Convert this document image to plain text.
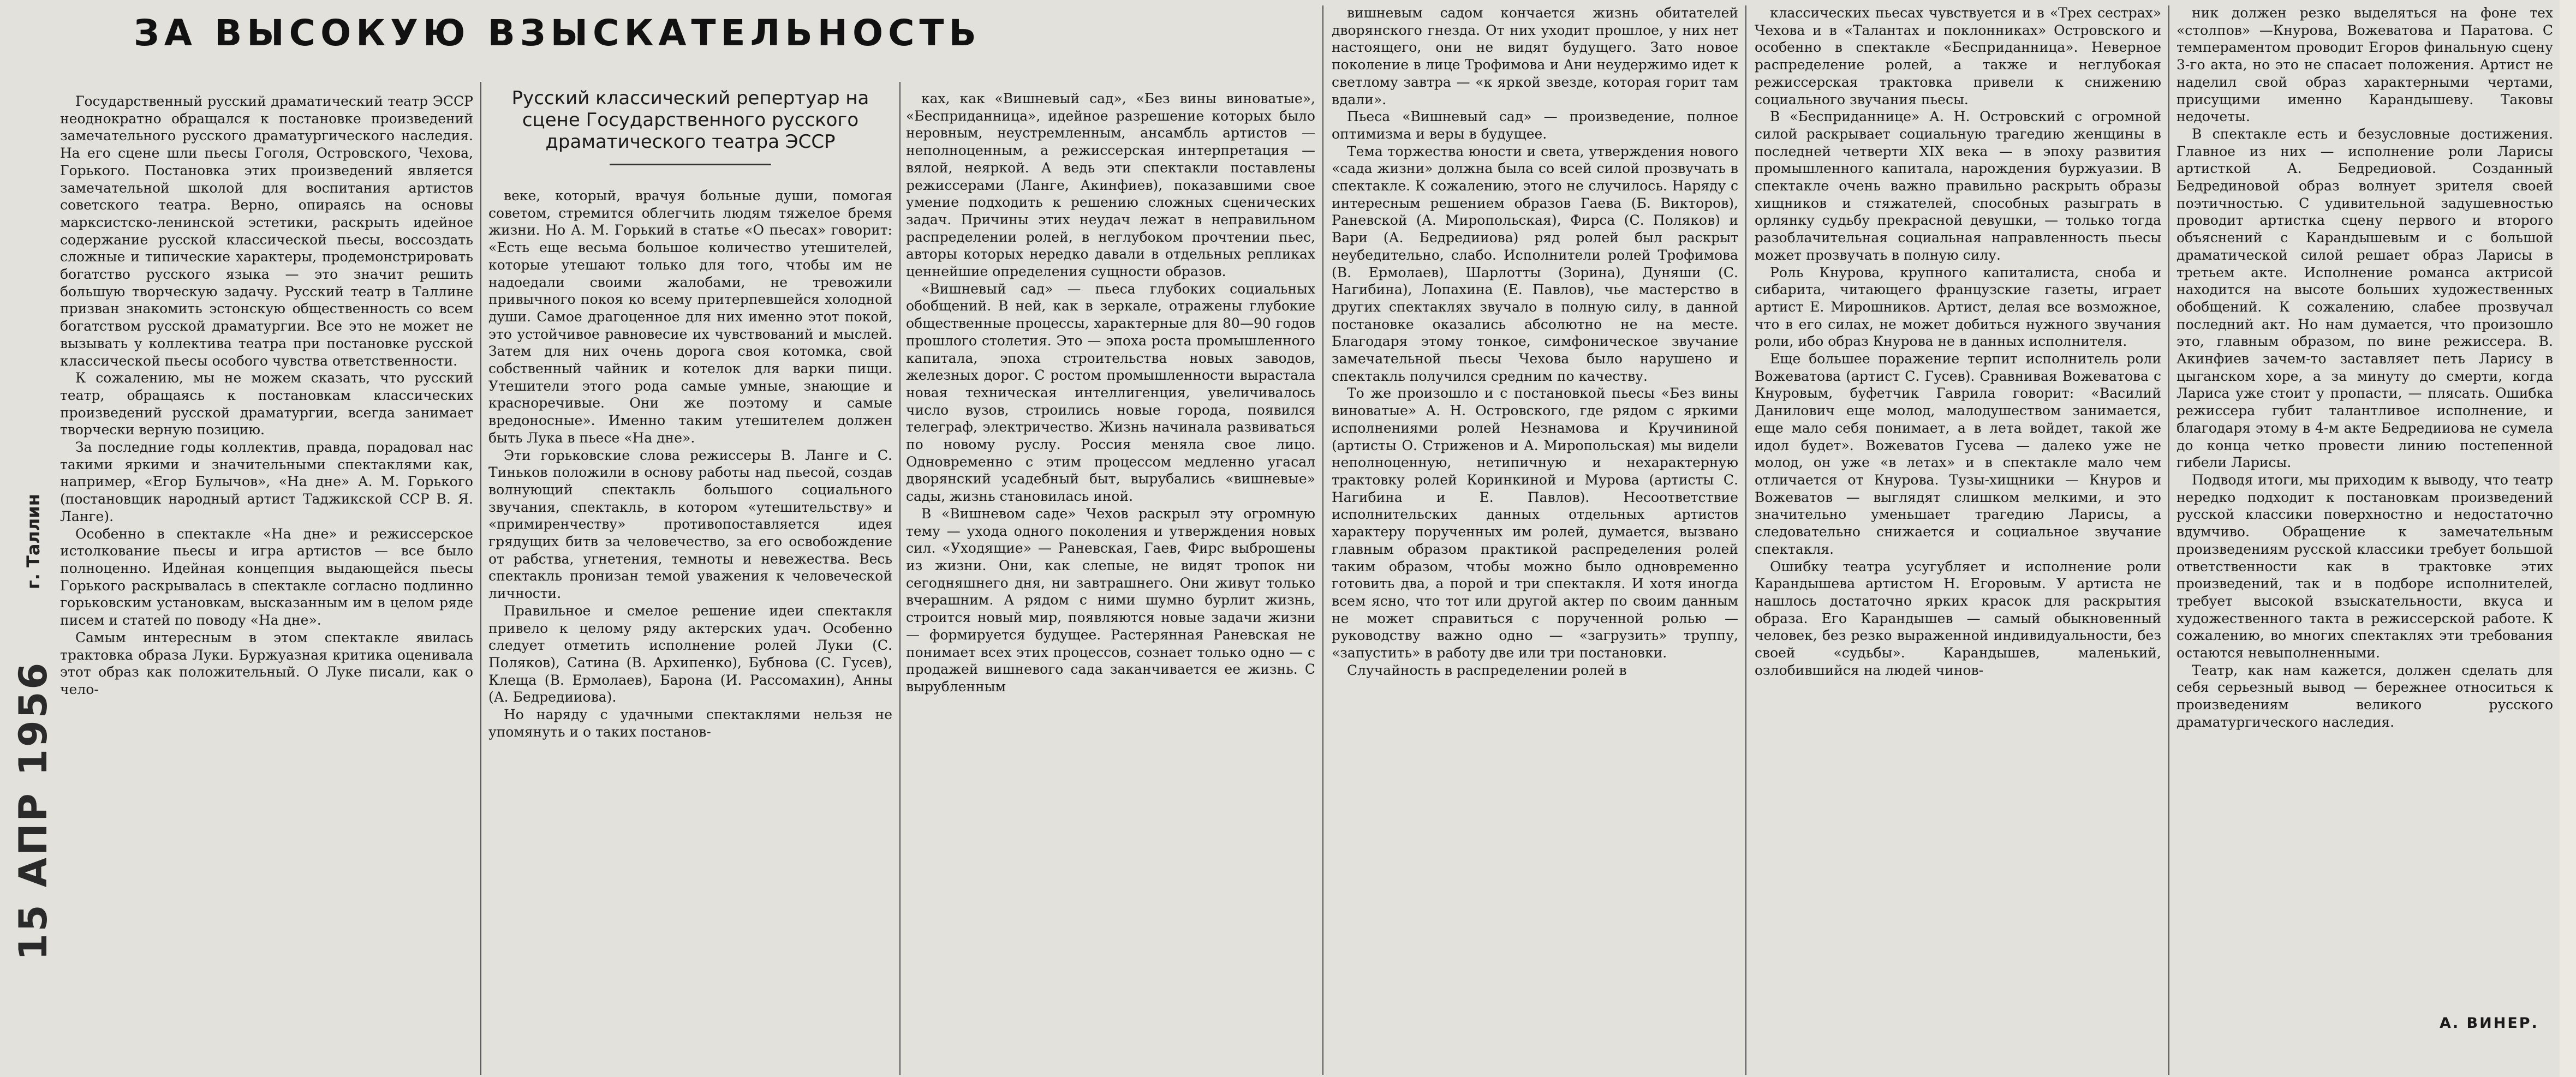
ЗА ВЫСОКУЮ ВЗЫСКАТЕЛЬНОСТЬ
г. Таллин
15 АПР 1956

Государственный русский драматический театр ЭССР неоднократно обращался к постановке произведений замечательного русского драматургического наследия. На его сцене шли пьесы Гоголя, Островского, Чехова, Горького. Постановка этих произведений является замечательной школой для воспитания артистов советского театра. Верно, опираясь на основы марксистско-ленинской эстетики, раскрыть идейное содержание русской классической пьесы, воссоздать сложные и типические характеры, продемонстрировать богатство русского языка — это значит решить большую творческую задачу. Русский театр в Таллине призван знакомить эстонскую общественность со всем богатством русской драматургии. Все это не может не вызывать у коллектива театра при постановке русской классической пьесы особого чувства ответственности.

К сожалению, мы не можем сказать, что русский театр, обращаясь к постановкам классических произведений русской драматургии, всегда занимает творчески верную позицию.

За последние годы коллектив, правда, порадовал нас такими яркими и значительными спектаклями как, например, «Егор Булычов», «На дне» А. М. Горького (постановщик народный артист Таджикской ССР В. Я. Ланге).

Особенно в спектакле «На дне» и режиссерское истолкование пьесы и игра артистов — все было полноценно. Идейная концепция выдающейся пьесы Горького раскрывалась в спектакле согласно подлинно горьковским установкам, высказанным им в целом ряде писем и статей по поводу «На дне».

Самым интересным в этом спектакле явилась трактовка образа Луки. Буржуазная критика оценивала этот образ как положительный. О Луке писали, как о чело-

Русский классический репертуар на сцене Государственного русского драматического театра ЭССР

веке, который, врачуя больные души, помогая советом, стремится облегчить людям тяжелое бремя жизни. Но А. М. Горький в статье «О пьесах» говорит: «Есть еще весьма большое количество утешителей, которые утешают только для того, чтобы им не надоедали своими жалобами, не тревожили привычного покоя ко всему притерпевшейся холодной души. Самое драгоценное для них именно этот покой, это устойчивое равновесие их чувствований и мыслей. Затем для них очень дорога своя котомка, свой собственный чайник и котелок для варки пищи. Утешители этого рода самые умные, знающие и красноречивые. Они же поэтому и самые вредоносные». Именно таким утешителем должен быть Лука в пьесе «На дне».

Эти горьковские слова режиссеры В. Ланге и С. Тиньков положили в основу работы над пьесой, создав волнующий спектакль большого социального звучания, спектакль, в котором «утешительству» и «примиренчеству» противопоставляется идея грядущих битв за человечество, за его освобождение от рабства, угнетения, темноты и невежества. Весь спектакль пронизан темой уважения к человеческой личности.

Правильное и смелое решение идеи спектакля привело к целому ряду актерских удач. Особенно следует отметить исполнение ролей Луки (С. Поляков), Сатина (В. Архипенко), Бубнова (С. Гусев), Клеща (В. Ермолаев), Барона (И. Рассомахин), Анны (А. Бедредииова).

Но наряду с удачными спектаклями нельзя не упомянуть и о таких постанов-

ках, как «Вишневый сад», «Без вины виноватые», «Бесприданница», идейное разрешение которых было неровным, неустремленным, ансамбль артистов — неполноценным, а режиссерская интерпретация — вялой, неяркой. А ведь эти спектакли поставлены режиссерами (Ланге, Акинфиев), показавшими свое умение подходить к решению сложных сценических задач. Причины этих неудач лежат в неправильном распределении ролей, в неглубоком прочтении пьес, авторы которых нередко давали в отдельных репликах ценнейшие определения сущности образов.

«Вишневый сад» — пьеса глубоких социальных обобщений. В ней, как в зеркале, отражены глубокие общественные процессы, характерные для 80—90 годов прошлого столетия. Это — эпоха роста промышленного капитала, эпоха строительства новых заводов, железных дорог. С ростом промышленности вырастала новая техническая интеллигенция, увеличивалось число вузов, строились новые города, появился телеграф, электричество. Жизнь начинала развиваться по новому руслу. Россия меняла свое лицо. Одновременно с этим процессом медленно угасал дворянский усадебный быт, вырубались «вишневые» сады, жизнь становилась иной.

В «Вишневом саде» Чехов раскрыл эту огромную тему — ухода одного поколения и утверждения новых сил. «Уходящие» — Раневская, Гаев, Фирс выброшены из жизни. Они, как слепые, не видят тропок ни сегодняшнего дня, ни завтрашнего. Они живут только вчерашним. А рядом с ними шумно бурлит жизнь, строится новый мир, появляются новые задачи жизни — формируется будущее. Растерянная Раневская не понимает всех этих процессов, сознает только одно — с продажей вишневого сада заканчивается ее жизнь. С вырубленным

вишневым садом кончается жизнь обитателей дворянского гнезда. От них уходит прошлое, у них нет настоящего, они не видят будущего. Зато новое поколение в лице Трофимова и Ани неудержимо идет к светлому завтра — «к яркой звезде, которая горит там вдали».

Пьеса «Вишневый сад» — произведение, полное оптимизма и веры в будущее.

Тема торжества юности и света, утверждения нового «сада жизни» должна была со всей силой прозвучать в спектакле. К сожалению, этого не случилось. Наряду с интересным решением образов Гаева (Б. Викторов), Раневской (А. Миропольская), Фирса (С. Поляков) и Вари (А. Бедредииова) ряд ролей был раскрыт неубедительно, слабо. Исполнители ролей Трофимова (В. Ермолаев), Шарлотты (Зорина), Дуняши (С. Нагибина), Лопахина (Е. Павлов), чье мастерство в других спектаклях звучало в полную силу, в данной постановке оказались абсолютно не на месте. Благодаря этому тонкое, симфоническое звучание замечательной пьесы Чехова было нарушено и спектакль получился средним по качеству.

То же произошло и с постановкой пьесы «Без вины виноватые» А. Н. Островского, где рядом с яркими исполнениями ролей Незнамова и Кручининой (артисты О. Стриженов и А. Миропольская) мы видели неполноценную, нетипичную и нехарактерную трактовку ролей Коринкиной и Мурова (артисты С. Нагибина и Е. Павлов). Несоответствие исполнительских данных отдельных артистов характеру порученных им ролей, думается, вызвано главным образом практикой распределения ролей таким образом, чтобы можно было одновременно готовить два, а порой и три спектакля. И хотя иногда всем ясно, что тот или другой актер по своим данным не может справиться с порученной ролью — руководству важно одно — «загрузить» труппу, «запустить» в работу две или три постановки.

Случайность в распределении ролей в

классических пьесах чувствуется и в «Трех сестрах» Чехова и в «Талантах и поклонниках» Островского и особенно в спектакле «Бесприданница». Неверное распределение ролей, а также и неглубокая режиссерская трактовка привели к снижению социального звучания пьесы.

В «Бесприданнице» А. Н. Островский с огромной силой раскрывает социальную трагедию женщины в последней четверти XIX века — в эпоху развития промышленного капитала, нарождения буржуазии. В спектакле очень важно правильно раскрыть образы хищников и стяжателей, способных разыграть в орлянку судьбу прекрасной девушки, — только тогда разоблачительная социальная направленность пьесы может прозвучать в полную силу.

Роль Кнурова, крупного капиталиста, сноба и сибарита, читающего французские газеты, играет артист Е. Мирошников. Артист, делая все возможное, что в его силах, не может добиться нужного звучания роли, ибо образ Кнурова не в данных исполнителя.

Еще большее поражение терпит исполнитель роли Вожеватова (артист С. Гусев). Сравнивая Вожеватова с Кнуровым, буфетчик Гаврила говорит: «Василий Данилович еще молод, малодушеством занимается, еще мало себя понимает, а в лета войдет, такой же идол будет». Вожеватов Гусева — далеко уже не молод, он уже «в летах» и в спектакле мало чем отличается от Кнурова. Тузы-хищники — Кнуров и Вожеватов — выглядят слишком мелкими, и это значительно уменьшает трагедию Ларисы, а следовательно снижается и социальное звучание спектакля.

Ошибку театра усугубляет и исполнение роли Карандышева артистом Н. Егоровым. У артиста не нашлось достаточно ярких красок для раскрытия образа. Его Карандышев — самый обыкновенный человек, без резко выраженной индивидуальности, без своей «судьбы». Карандышев, маленький, озлобившийся на людей чинов-

ник должен резко выделяться на фоне тех «столпов» —Кнурова, Вожеватова и Паратова. С темпераментом проводит Егоров финальную сцену 3-го акта, но это не спасает положения. Артист не наделил свой образ характерными чертами, присущими именно Карандышеву. Таковы недочеты.

В спектакле есть и безусловные достижения. Главное из них — исполнение роли Ларисы артисткой А. Бедредиовой. Созданный Бедрединовой образ волнует зрителя своей поэтичностью. С удивительной задушевностью проводит артистка сцену первого и второго объяснений с Карандышевым и с большой драматической силой решает образ Ларисы в третьем акте. Исполнение романса актрисой находится на высоте больших художественных обобщений. К сожалению, слабее прозвучал последний акт. Но нам думается, что произошло это, главным образом, по вине режиссера. В. Акинфиев зачем-то заставляет петь Ларису в цыганском хоре, а за минуту до смерти, когда Лариса уже стоит у пропасти, — плясать. Ошибка режиссера губит талантливое исполнение, и благодаря этому в 4-м акте Бедредииова не сумела до конца четко провести линию постепенной гибели Ларисы.

Подводя итоги, мы приходим к выводу, что театр нередко подходит к постановкам произведений русской классики поверхностно и недостаточно вдумчиво. Обращение к замечательным произведениям русской классики требует большой ответственности как в трактовке этих произведений, так и в подборе исполнителей, требует высокой взыскательности, вкуса и художественного такта в режиссерской работе. К сожалению, во многих спектаклях эти требования остаются невыполненными.

Театр, как нам кажется, должен сделать для себя серьезный вывод — бережнее относиться к произведениям великого русского драматургического наследия.

А. ВИНЕР.
